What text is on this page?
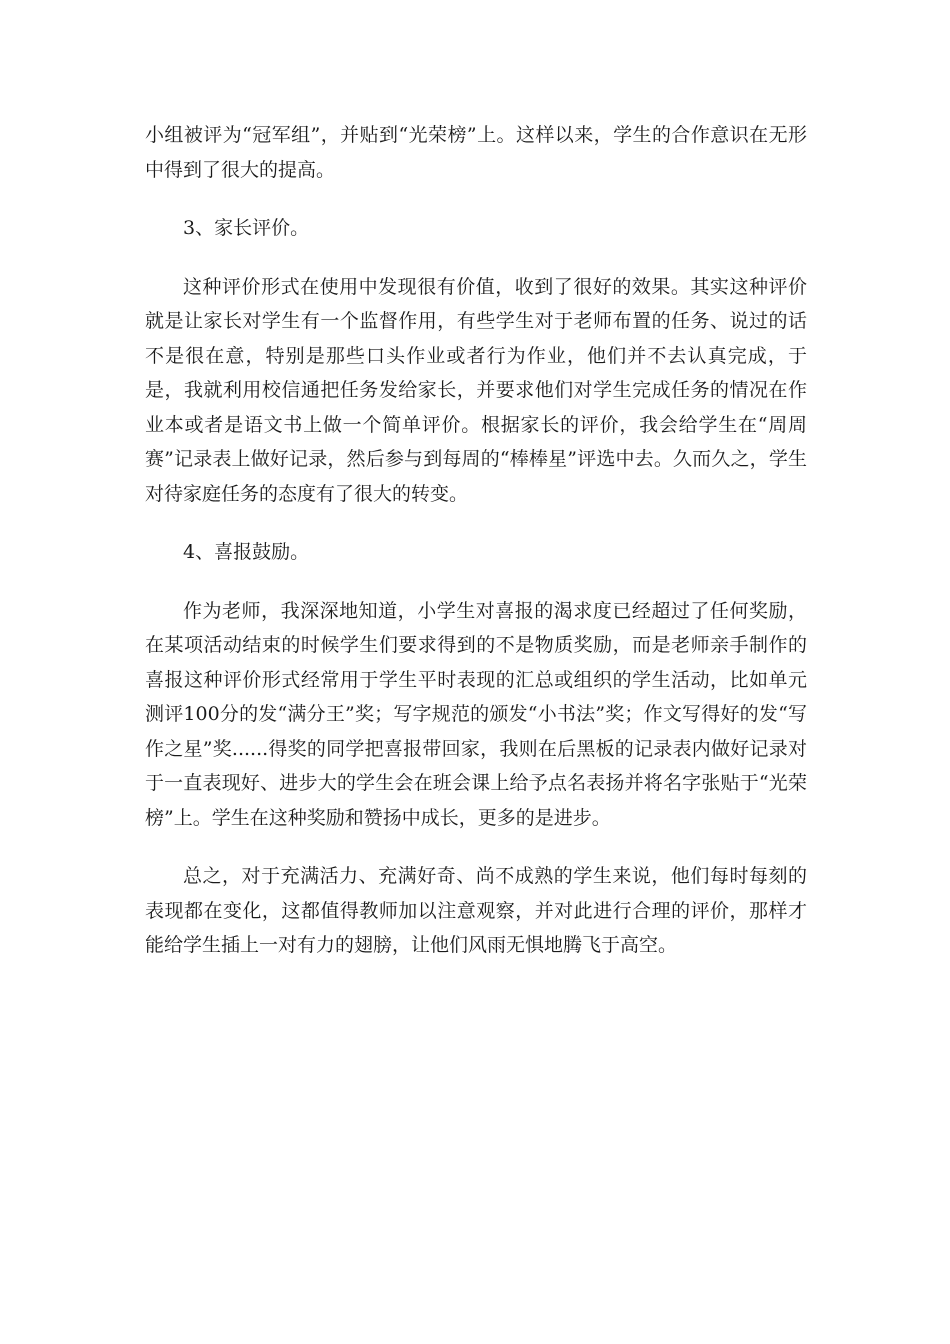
小组被评为“冠军组”，并贴到“光荣榜”上。这样以来，学生的合作意识在无形中得到了很大的提高。

3、家长评价。

这种评价形式在使用中发现很有价值，收到了很好的效果。其实这种评价就是让家长对学生有一个监督作用，有些学生对于老师布置的任务、说过的话不是很在意，特别是那些口头作业或者行为作业，他们并不去认真完成，于是，我就利用校信通把任务发给家长，并要求他们对学生完成任务的情况在作业本或者是语文书上做一个简单评价。根据家长的评价，我会给学生在“周周赛”记录表上做好记录，然后参与到每周的“棒棒星”评选中去。久而久之，学生对待家庭任务的态度有了很大的转变。

4、喜报鼓励。

作为老师，我深深地知道，小学生对喜报的渴求度已经超过了任何奖励，在某项活动结束的时候学生们要求得到的不是物质奖励，而是老师亲手制作的喜报这种评价形式经常用于学生平时表现的汇总或组织的学生活动，比如单元测评100分的发“满分王”奖；写字规范的颁发“小书法”奖；作文写得好的发“写作之星”奖......得奖的同学把喜报带回家，我则在后黑板的记录表内做好记录对于一直表现好、进步大的学生会在班会课上给予点名表扬并将名字张贴于“光荣榜”上。学生在这种奖励和赞扬中成长，更多的是进步。

总之，对于充满活力、充满好奇、尚不成熟的学生来说，他们每时每刻的表现都在变化，这都值得教师加以注意观察，并对此进行合理的评价，那样才能给学生插上一对有力的翅膀，让他们风雨无惧地腾飞于高空。
